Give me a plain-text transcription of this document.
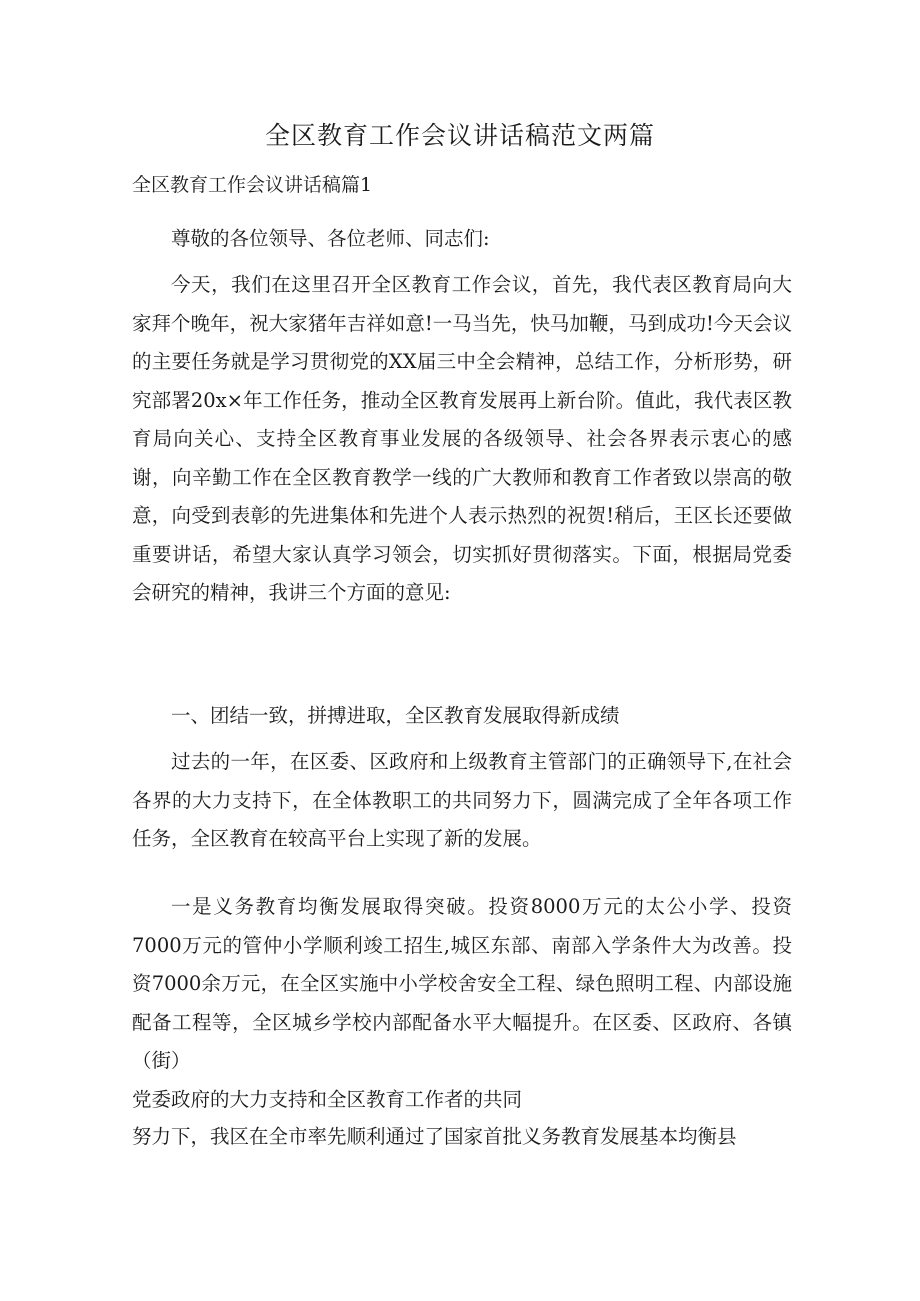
全区教育工作会议讲话稿范文两篇
全区教育工作会议讲话稿篇1

尊敬的各位领导、各位老师、同志们:

今天，我们在这里召开全区教育工作会议，首先，我代表区教育局向大家拜个晚年，祝大家猪年吉祥如意!一马当先，快马加鞭，马到成功!今天会议的主要任务就是学习贯彻党的XX届三中全会精神，总结工作，分析形势，研究部署20x×年工作任务，推动全区教育发展再上新台阶。值此，我代表区教育局向关心、支持全区教育事业发展的各级领导、社会各界表示衷心的感谢，向辛勤工作在全区教育教学一线的广大教师和教育工作者致以崇高的敬意，向受到表彰的先进集体和先进个人表示热烈的祝贺!稍后，王区长还要做重要讲话，希望大家认真学习领会，切实抓好贯彻落实。下面，根据局党委会研究的精神，我讲三个方面的意见:

一、团结一致，拼搏进取，全区教育发展取得新成绩

过去的一年，在区委、区政府和上级教育主管部门的正确领导下,在社会各界的大力支持下，在全体教职工的共同努力下，圆满完成了全年各项工作任务，全区教育在较高平台上实现了新的发展。

一是义务教育均衡发展取得突破。投资8000万元的太公小学、投资7000万元的管仲小学顺利竣工招生,城区东部、南部入学条件大为改善。投资7000余万元，在全区实施中小学校舍安全工程、绿色照明工程、内部设施配备工程等，全区城乡学校内部配备水平大幅提升。在区委、区政府、各镇（街）

党委政府的大力支持和全区教育工作者的共同
努力下，我区在全市率先顺利通过了国家首批义务教育发展基本均衡县
